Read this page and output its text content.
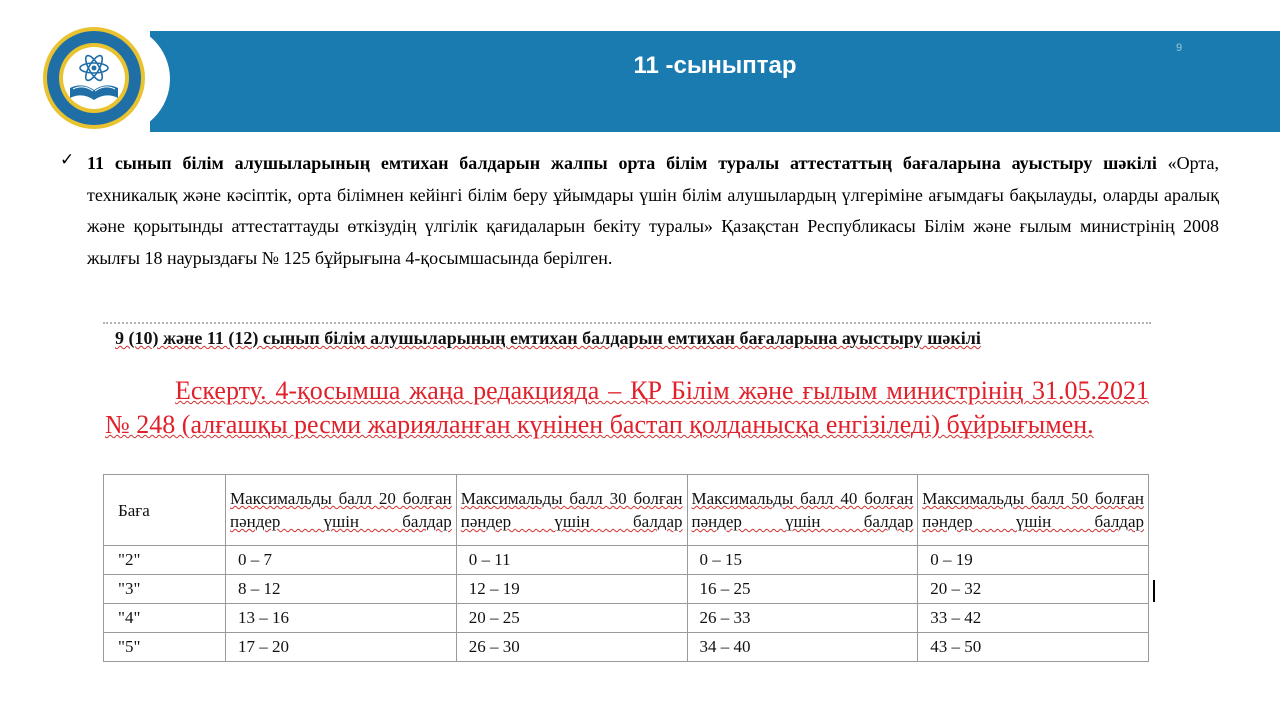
11 -сыныптар
9
✓ 11 сынып білім алушыларының емтихан балдарын жалпы орта білім туралы аттестаттың бағаларына ауыстыру шәкілі «Орта, техникалық және кәсіптік, орта білімнен кейінгі білім беру ұйымдары үшін білім алушылардың үлгеріміне ағымдағы бақылауды, оларды аралық және қорытынды аттестаттауды өткізудің үлгілік қағидаларын бекіту туралы» Қазақстан Республикасы Білім және ғылым министрінің 2008 жылғы 18 наурыздағы № 125 бұйрығына 4-қосымшасында берілген.
9 (10) және 11 (12) сынып білім алушыларының емтихан балдарын емтихан бағаларына ауыстыру шәкілі
Ескерту. 4-қосымша жаңа редакцияда – ҚР Білім және ғылым министрінің 31.05.2021 № 248 (алғашқы ресми жарияланған күнінен бастап қолданысқа енгізіледі) бұйрығымен.
Баға	Максимальды балл 20 болған пәндер үшін балдар	Максимальды балл 30 болған пәндер үшін балдар	Максимальды балл 40 болған пәндер үшін балдар	Максимальды балл 50 болған пәндер үшін балдар
"2"	0 – 7	0 – 11	0 – 15	0 – 19
"3"	8 – 12	12 – 19	16 – 25	20 – 32
"4"	13 – 16	20 – 25	26 – 33	33 – 42
"5"	17 – 20	26 – 30	34 – 40	43 – 50
